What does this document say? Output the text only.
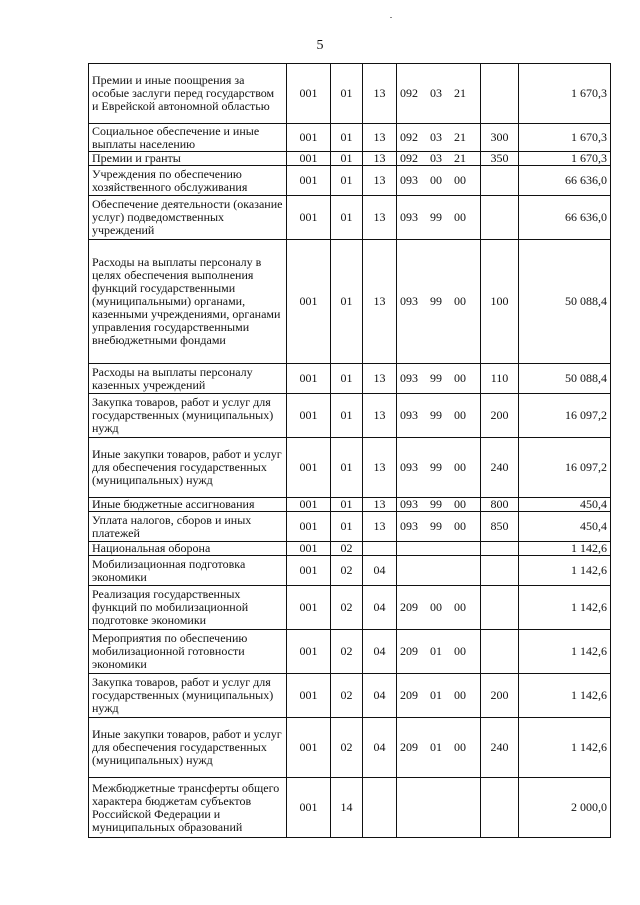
5
Премии и иные поощрения за особые заслуги перед государством и Еврейской автономной областью	001	01	13	092 03 21		1 670,3
Социальное обеспечение и иные выплаты населению	001	01	13	092 03 21	300	1 670,3
Премии и гранты	001	01	13	092 03 21	350	1 670,3
Учреждения по обеспечению хозяйственного обслуживания	001	01	13	093 00 00		66 636,0
Обеспечение деятельности (оказание услуг) подведомственных учреждений	001	01	13	093 99 00		66 636,0
Расходы на выплаты персоналу в целях обеспечения выполнения функций государственными (муниципальными) органами, казенными учреждениями, органами управления государственными внебюджетными фондами	001	01	13	093 99 00	100	50 088,4
Расходы на выплаты персоналу казенных учреждений	001	01	13	093 99 00	110	50 088,4
Закупка товаров, работ и услуг для государственных (муниципальных) нужд	001	01	13	093 99 00	200	16 097,2
Иные закупки товаров, работ и услуг для обеспечения государственных (муниципальных) нужд	001	01	13	093 99 00	240	16 097,2
Иные бюджетные ассигнования	001	01	13	093 99 00	800	450,4
Уплата налогов, сборов и иных платежей	001	01	13	093 99 00	850	450,4
Национальная оборона	001	02				1 142,6
Мобилизационная подготовка экономики	001	02	04			1 142,6
Реализация государственных функций по мобилизационной подготовке экономики	001	02	04	209 00 00		1 142,6
Мероприятия по обеспечению мобилизационной готовности экономики	001	02	04	209 01 00		1 142,6
Закупка товаров, работ и услуг для государственных (муниципальных) нужд	001	02	04	209 01 00	200	1 142,6
Иные закупки товаров, работ и услуг для обеспечения государственных (муниципальных) нужд	001	02	04	209 01 00	240	1 142,6
Межбюджетные трансферты общего характера бюджетам субъектов Российской Федерации и муниципальных образований	001	14				2 000,0
